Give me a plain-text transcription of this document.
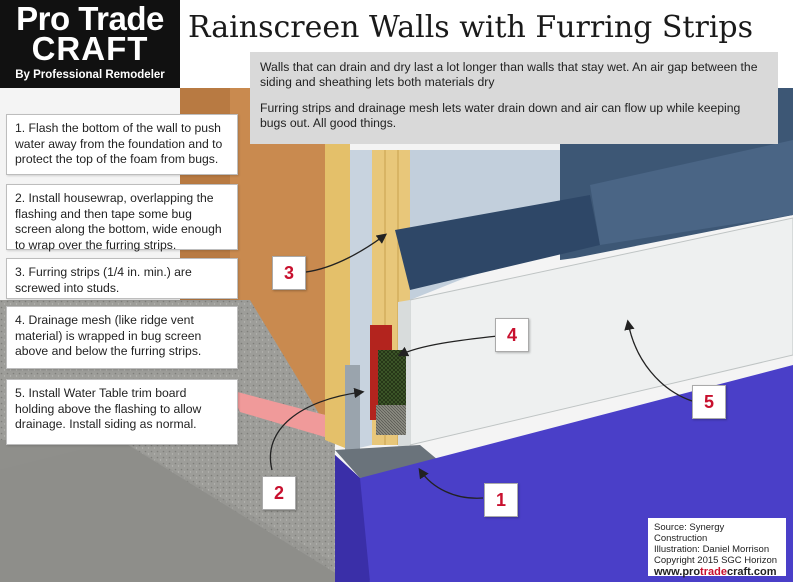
Pro Trade
CRAFT
By Professional Remodeler
Rainscreen Walls with Furring Strips

Walls that can drain and dry last a lot longer than walls that stay wet. An air gap between the siding and sheathing lets both materials dry

Furring strips and drainage mesh lets water drain down and air can flow up while keeping bugs out. All good things.

1. Flash the bottom of the wall to push water away from the foundation and to protect the top of the foam from bugs.
2. Install housewrap, overlapping the flashing and then tape some bug screen along the bottom, wide enough to wrap over the furring strips.
3. Furring strips (1/4 in. min.) are screwed into studs.
4. Drainage mesh (like ridge vent material) is wrapped in bug screen above and below the furring strips.
5. Install Water Table trim board holding above the flashing to allow drainage. Install siding as normal.
3
4
5
2	1
Source: Synergy Construction
Illustration: Daniel Morrison
Copyright 2015 SGC Horizon
www.protradecraft.com
